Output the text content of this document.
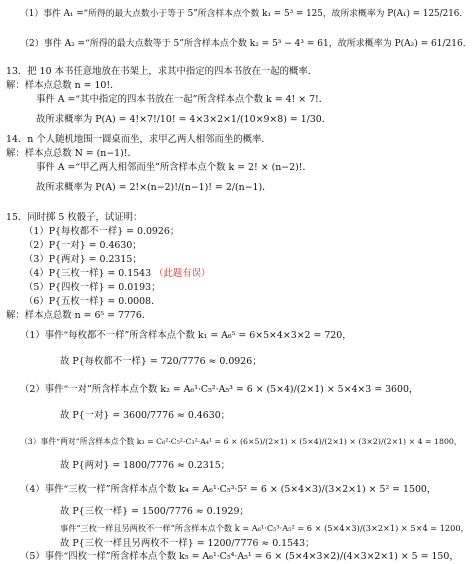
（1）事件 A₁ =“所得的最大点数小于等于 5”所含样本点个数 k₁ = 5³ = 125，故所求概率为 P(A₁) = 125/216．
（2）事件 A₂ =“所得的最大点数等于 5”所含样本点个数 k₂ = 5³ − 4³ = 61，故所求概率为 P(A₂) = 61/216．
13．把 10 本书任意地放在书架上，求其中指定的四本书放在一起的概率．
解：样本点总数 n = 10!．
事件 A =“其中指定的四本书放在一起”所含样本点个数 k = 4! × 7!．
故所求概率为 P(A) = 4!×7!/10! = 4×3×2×1/(10×9×8) = 1/30．
14．n 个人随机地围一圆桌而坐，求甲乙两人相邻而坐的概率．
解：样本点总数 N = (n−1)!．
事件 A =“甲乙两人相邻而坐”所含样本点个数 k = 2! × (n−2)!．
故所求概率为 P(A) = 2!×(n−2)!/(n−1)! = 2/(n−1)．
15．同时掷 5 枚骰子，试证明：
（1）P{每枚都不一样} = 0.0926；
（2）P{一对} = 0.4630；
（3）P{两对} = 0.2315；
（4）P{三枚一样} = 0.1543 （此题有误）
（5）P{四枚一样} = 0.0193；
（6）P{五枚一样} = 0.0008．
解：样本点总数 n = 6⁵ = 7776．
（1）事件“每枚都不一样”所含样本点个数 k₁ = A₆⁵ = 6×5×4×3×2 = 720，
故 P{每枚都不一样} = 720/7776 ≈ 0.0926；
（2）事件“一对”所含样本点个数 k₂ = A₆¹·C₅²·A₅³ = 6 × (5×4)/(2×1) × 5×4×3 = 3600，
故 P{一对} = 3600/7776 ≈ 0.4630；
（3）事件“两对”所含样本点个数 k₃ = C₆²·C₅²·C₃²·A₄¹ = 6 × (6×5)/(2×1) × (5×4)/(2×1) × (3×2)/(2×1) × 4 = 1800，
故 P{两对} = 1800/7776 ≈ 0.2315；
（4）事件“三枚一样”所含样本点个数 k₄ = A₆¹·C₅³·5² = 6 × (5×4×3)/(3×2×1) × 5² = 1500，
故 P{三枚一样} = 1500/7776 ≈ 0.1929；
事件“三枚一样且另两枚不一样”所含样本点个数 k = A₆¹·C₅³·A₅² = 6 × (5×4×3)/(3×2×1) × 5×4 = 1200，
故 P{三枚一样且另两枚不一样} = 1200/7776 ≈ 0.1543；
（5）事件“四枚一样”所含样本点个数 k₅ = A₆¹·C₅⁴·A₅¹ = 6 × (5×4×3×2)/(4×3×2×1) × 5 = 150，
